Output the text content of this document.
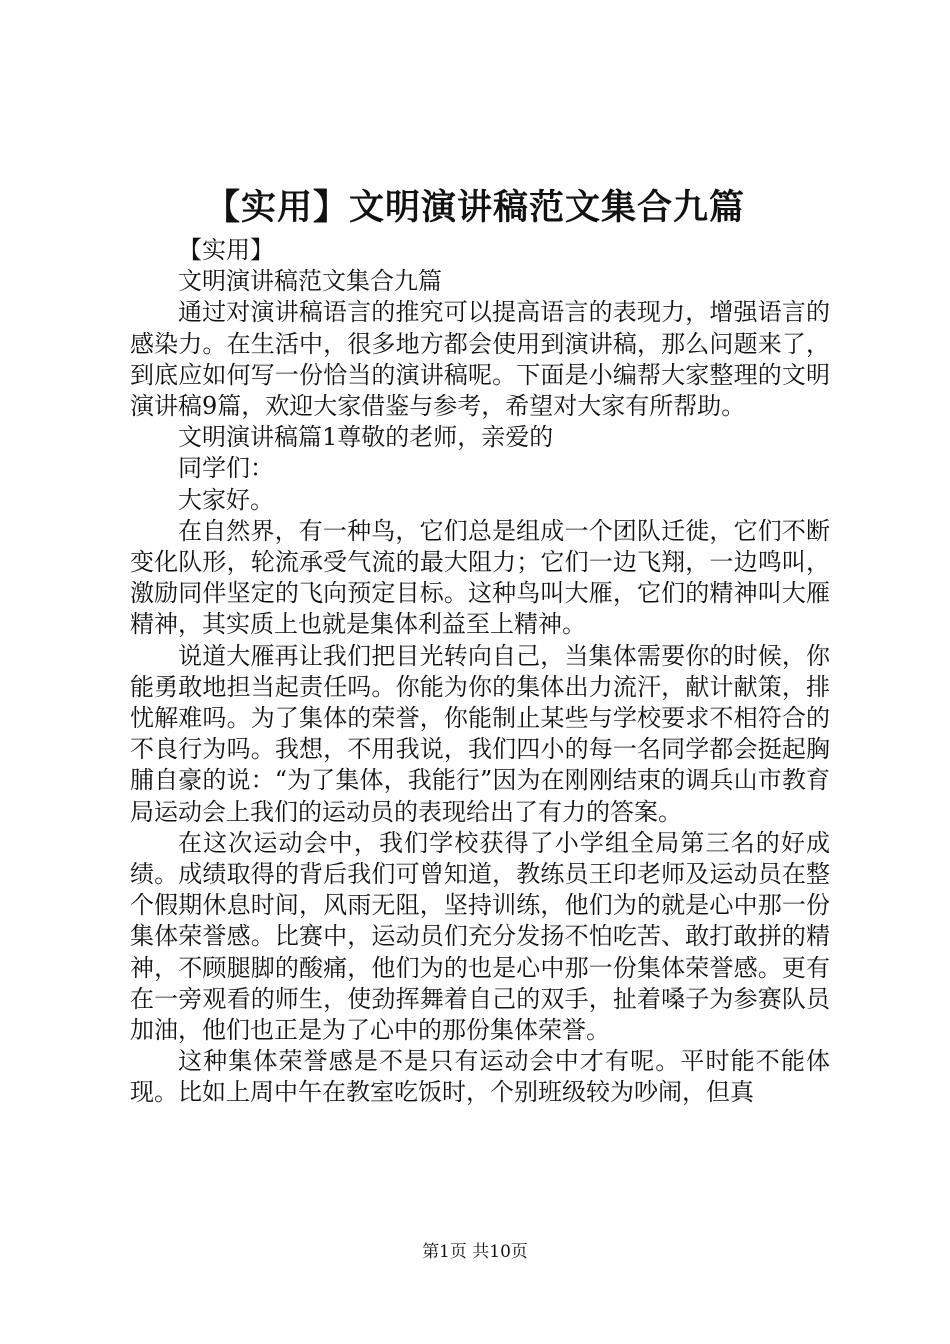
【实用】文明演讲稿范文集合九篇

【实用】

文明演讲稿范文集合九篇

通过对演讲稿语言的推究可以提高语言的表现力，增强语言的感染力。在生活中，很多地方都会使用到演讲稿，那么问题来了，到底应如何写一份恰当的演讲稿呢。下面是小编帮大家整理的文明演讲稿9篇，欢迎大家借鉴与参考，希望对大家有所帮助。

文明演讲稿篇1尊敬的老师，亲爱的

同学们：

大家好。

在自然界，有一种鸟，它们总是组成一个团队迁徙，它们不断变化队形，轮流承受气流的最大阻力；它们一边飞翔，一边鸣叫，激励同伴坚定的飞向预定目标。这种鸟叫大雁，它们的精神叫大雁精神，其实质上也就是集体利益至上精神。

说道大雁再让我们把目光转向自己，当集体需要你的时候，你能勇敢地担当起责任吗。你能为你的集体出力流汗，献计献策，排忧解难吗。为了集体的荣誉，你能制止某些与学校要求不相符合的不良行为吗。我想，不用我说，我们四小的每一名同学都会挺起胸脯自豪的说：“为了集体，我能行”因为在刚刚结束的调兵山市教育局运动会上我们的运动员的表现给出了有力的答案。

在这次运动会中，我们学校获得了小学组全局第三名的好成绩。成绩取得的背后我们可曾知道，教练员王印老师及运动员在整个假期休息时间，风雨无阻，坚持训练，他们为的就是心中那一份集体荣誉感。比赛中，运动员们充分发扬不怕吃苦、敢打敢拼的精神，不顾腿脚的酸痛，他们为的也是心中那一份集体荣誉感。更有在一旁观看的师生，使劲挥舞着自己的双手，扯着嗓子为参赛队员加油，他们也正是为了心中的那份集体荣誉。

这种集体荣誉感是不是只有运动会中才有呢。平时能不能体现。比如上周中午在教室吃饭时，个别班级较为吵闹，但真

第1页 共10页
